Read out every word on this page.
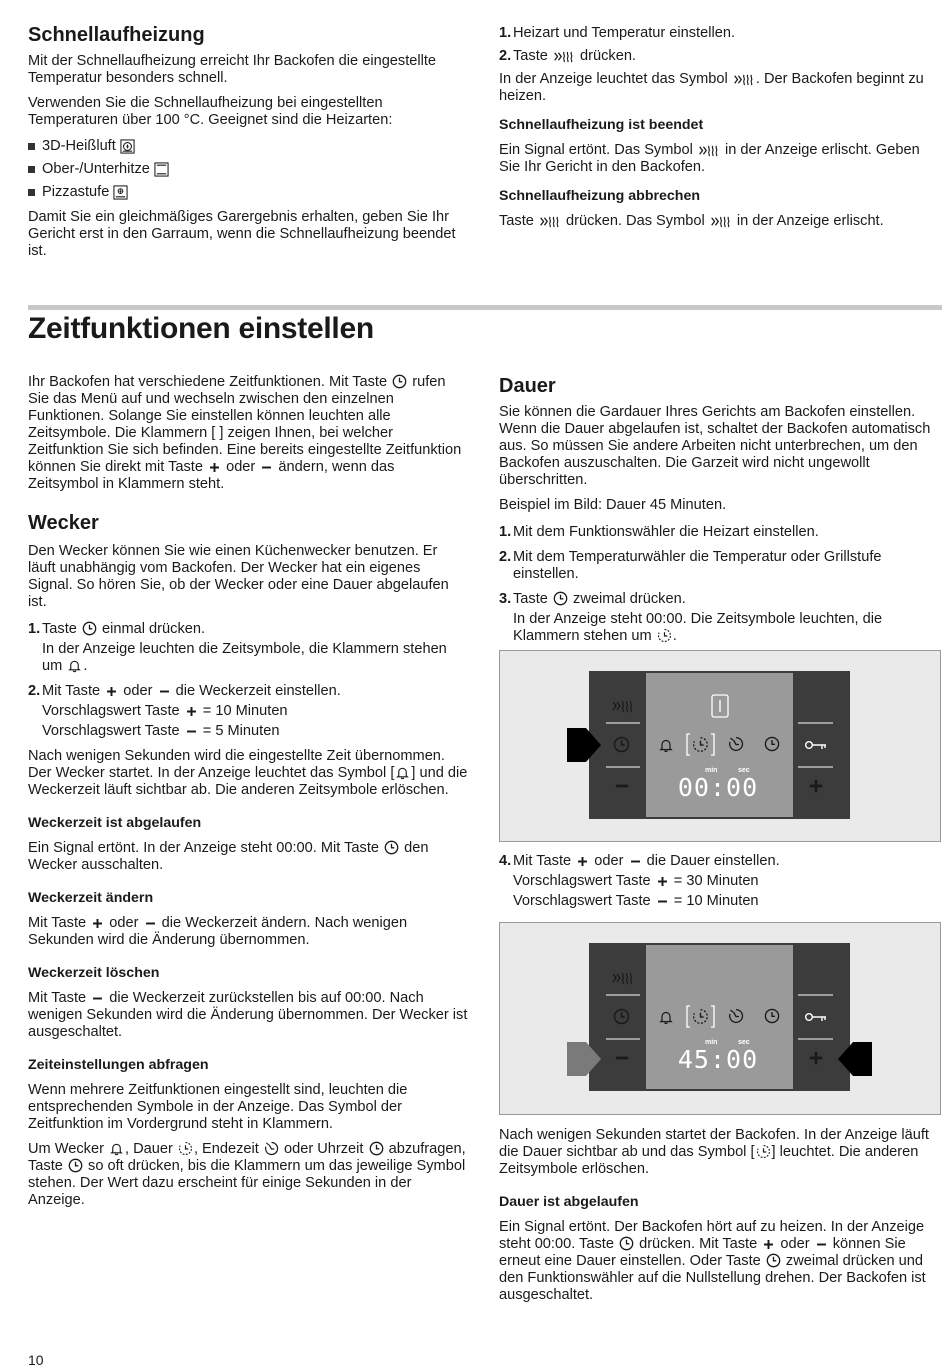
Schnellaufheizung

Mit der Schnellaufheizung erreicht Ihr Backofen die eingestellte Temperatur besonders schnell.

Verwenden Sie die Schnellaufheizung bei eingestellten Temperaturen über 100 °C. Geeignet sind die Heizarten:

3D-Heißluft
Ober-/Unterhitze
Pizzastufe

Damit Sie ein gleichmäßiges Garergebnis erhalten, geben Sie Ihr Gericht erst in den Garraum, wenn die Schnellaufheizung beendet ist.

1. Heizart und Temperatur einstellen.
2. Taste drücken.

In der Anzeige leuchtet das Symbol . Der Backofen beginnt zu heizen.

Schnellaufheizung ist beendet

Ein Signal ertönt. Das Symbol in der Anzeige erlischt. Geben Sie Ihr Gericht in den Backofen.

Schnellaufheizung abbrechen

Taste drücken. Das Symbol in der Anzeige erlischt.

Zeitfunktionen einstellen

Ihr Backofen hat verschiedene Zeitfunktionen. Mit Taste rufen Sie das Menü auf und wechseln zwischen den einzelnen Funktionen. Solange Sie einstellen können leuchten alle Zeitsymbole. Die Klammern [ ] zeigen Ihnen, bei welcher Zeitfunktion Sie sich befinden. Eine bereits eingestellte Zeitfunktion können Sie direkt mit Taste oder ändern, wenn das Zeitsymbol in Klammern steht.

Wecker

Den Wecker können Sie wie einen Küchenwecker benutzen. Er läuft unabhängig vom Backofen. Der Wecker hat ein eigenes Signal. So hören Sie, ob der Wecker oder eine Dauer abgelaufen ist.

1. Taste einmal drücken.

In der Anzeige leuchten die Zeitsymbole, die Klammern stehen um .

2. Mit Taste oder die Weckerzeit einstellen.

Vorschlagswert Taste = 10 Minuten

Vorschlagswert Taste = 5 Minuten

Nach wenigen Sekunden wird die eingestellte Zeit übernommen. Der Wecker startet. In der Anzeige leuchtet das Symbol [ ] und die Weckerzeit läuft sichtbar ab. Die anderen Zeitsymbole erlöschen.

Weckerzeit ist abgelaufen

Ein Signal ertönt. In der Anzeige steht 00:00. Mit Taste den Wecker ausschalten.

Weckerzeit ändern

Mit Taste oder die Weckerzeit ändern. Nach wenigen Sekunden wird die Änderung übernommen.

Weckerzeit löschen

Mit Taste die Weckerzeit zurückstellen bis auf 00:00. Nach wenigen Sekunden wird die Änderung übernommen. Der Wecker ist ausgeschaltet.

Zeiteinstellungen abfragen

Wenn mehrere Zeitfunktionen eingestellt sind, leuchten die entsprechenden Symbole in der Anzeige. Das Symbol der Zeitfunktion im Vordergrund steht in Klammern.

Um Wecker , Dauer , Endezeit oder Uhrzeit abzufragen, Taste so oft drücken, bis die Klammern um das jeweilige Symbol stehen. Der Wert dazu erscheint für einige Sekunden in der Anzeige.

Dauer

Sie können die Gardauer Ihres Gerichts am Backofen einstellen. Wenn die Dauer abgelaufen ist, schaltet der Backofen automatisch aus. So müssen Sie andere Arbeiten nicht unterbrechen, um den Backofen auszuschalten. Die Garzeit wird nicht ungewollt überschritten.

Beispiel im Bild: Dauer 45 Minuten.

1. Mit dem Funktionswähler die Heizart einstellen.
2. Mit dem Temperaturwähler die Temperatur oder Grillstufe einstellen.
3. Taste zweimal drücken.

In der Anzeige steht 00:00. Die Zeitsymbole leuchten, die Klammern stehen um .

min	sec
00:00
4. Mit Taste oder die Dauer einstellen.

Vorschlagswert Taste = 30 Minuten

Vorschlagswert Taste = 10 Minuten

min	sec
45:00

Nach wenigen Sekunden startet der Backofen. In der Anzeige läuft die Dauer sichtbar ab und das Symbol [ ] leuchtet. Die anderen Zeitsymbole erlöschen.

Dauer ist abgelaufen

Ein Signal ertönt. Der Backofen hört auf zu heizen. In der Anzeige steht 00:00. Taste drücken. Mit Taste oder können Sie erneut eine Dauer einstellen. Oder Taste zweimal drücken und den Funktionswähler auf die Nullstellung drehen. Der Backofen ist ausgeschaltet.

10
